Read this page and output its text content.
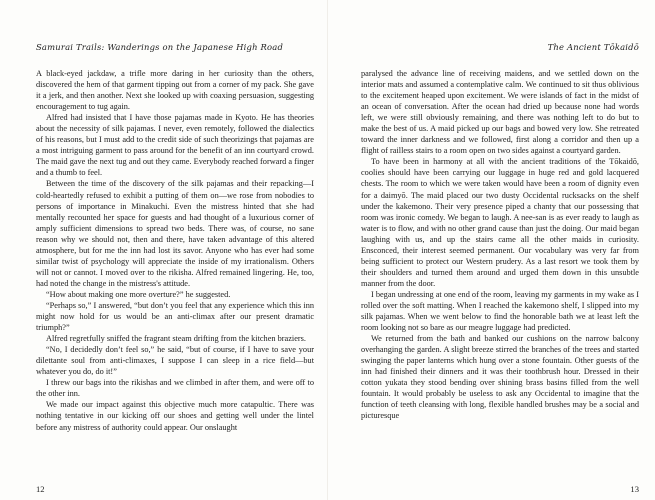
Samurai Trails: Wanderings on the Japanese High Road

A black-eyed jackdaw, a trifle more daring in her curiosity than the others, discovered the hem of that garment tipping out from a corner of my pack. She gave it a jerk, and then another. Next she looked up with coaxing persuasion, suggesting encouragement to tug again.

Alfred had insisted that I have those pajamas made in Kyoto. He has theories about the necessity of silk pajamas. I never, even remotely, followed the dialectics of his reasons, but I must add to the credit side of such theorizings that pajamas are a most intriguing garment to pass around for the benefit of an inn courtyard crowd. The maid gave the next tug and out they came. Everybody reached forward a finger and a thumb to feel.

Between the time of the discovery of the silk pajamas and their repacking—I cold-heartedly refused to exhibit a putting of them on—we rose from nobodies to persons of importance in Minakuchi. Even the mistress hinted that she had mentally recounted her space for guests and had thought of a luxurious corner of amply sufficient dimensions to spread two beds. There was, of course, no sane reason why we should not, then and there, have taken advantage of this altered atmosphere, but for me the inn had lost its savor. Anyone who has ever had some similar twist of psychology will appreciate the inside of my irrationalism. Others will not or cannot. I moved over to the rikisha. Alfred remained lingering. He, too, had noted the change in the mistress's attitude.

“How about making one more overture?” he suggested.

“Perhaps so,” I answered, “but don’t you feel that any experience which this inn might now hold for us would be an anti-climax after our present dramatic triumph?”

Alfred regretfully sniffed the fragrant steam drifting from the kitchen braziers.

“No, I decidedly don’t feel so,” he said, “but of course, if I have to save your dilettante soul from anti-climaxes, I suppose I can sleep in a rice field—but whatever you do, do it!”

I threw our bags into the rikishas and we climbed in after them, and were off to the other inn.

We made our impact against this objective much more catapultic. There was nothing tentative in our kicking off our shoes and getting well under the lintel before any mistress of authority could appear. Our onslaught

12
The Ancient Tōkaidō

paralysed the advance line of receiving maidens, and we settled down on the interior mats and assumed a contemplative calm. We continued to sit thus oblivious to the excitement heaped upon excitement. We were islands of fact in the midst of an ocean of conversation. After the ocean had dried up because none had words left, we were still obviously remaining, and there was nothing left to do but to make the best of us. A maid picked up our bags and bowed very low. She retreated toward the inner darkness and we followed, first along a corridor and then up a flight of railless stairs to a room open on two sides against a courtyard garden.

To have been in harmony at all with the ancient traditions of the Tōkaidō, coolies should have been carrying our luggage in huge red and gold lacquered chests. The room to which we were taken would have been a room of dignity even for a daimyō. The maid placed our two dusty Occidental rucksacks on the shelf under the kakemono. Their very presence piped a chanty that our possessing that room was ironic comedy. We began to laugh. A nee-san is as ever ready to laugh as water is to flow, and with no other grand cause than just the doing. Our maid began laughing with us, and up the stairs came all the other maids in curiosity. Ensconced, their interest seemed permanent. Our vocabulary was very far from being sufficient to protect our Western prudery. As a last resort we took them by their shoulders and turned them around and urged them down in this unsubtle manner from the door.

I began undressing at one end of the room, leaving my garments in my wake as I rolled over the soft matting. When I reached the kakemono shelf, I slipped into my silk pajamas. When we went below to find the honorable bath we at least left the room looking not so bare as our meagre luggage had predicted.

We returned from the bath and banked our cushions on the narrow balcony overhanging the garden. A slight breeze stirred the branches of the trees and started swinging the paper lanterns which hung over a stone fountain. Other guests of the inn had finished their dinners and it was their toothbrush hour. Dressed in their cotton yukata they stood bending over shining brass basins filled from the well fountain. It would probably be useless to ask any Occidental to imagine that the function of teeth cleansing with long, flexible handled brushes may be a social and picturesque

13
